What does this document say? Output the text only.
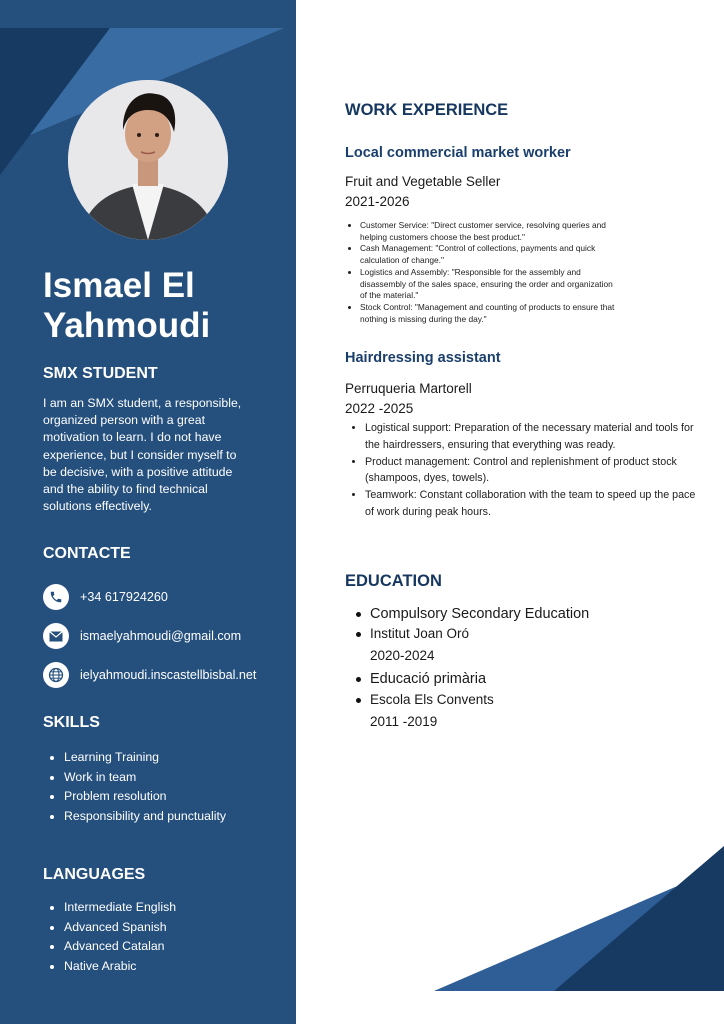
Ismael El
Yahmoudi
SMX STUDENT

I am an SMX student, a responsible, organized person with a great motivation to learn. I do not have experience, but I consider myself to be decisive, with a positive attitude and the ability to find technical solutions effectively.

CONTACTE
+34 617924260
ismaelyahmoudi@gmail.com
ielyahmoudi.inscastellbisbal.net
SKILLS
• Learning Training
• Work in team
• Problem resolution
• Responsibility and punctuality
LANGUAGES
• Intermediate English
• Advanced Spanish
• Advanced Catalan
• Native Arabic
WORK EXPERIENCE
Local commercial market worker

Fruit and Vegetable Seller

2021-2026

• Customer Service: "Direct customer service, resolving queries and helping customers choose the best product."
• Cash Management: "Control of collections, payments and quick calculation of change."
• Logistics and Assembly: "Responsible for the assembly and disassembly of the sales space, ensuring the order and organization of the material."
• Stock Control: "Management and counting of products to ensure that nothing is missing during the day."
Hairdressing assistant

Perruqueria Martorell

2022 -2025

• Logistical support: Preparation of the necessary material and tools for the hairdressers, ensuring that everything was ready.
• Product management: Control and replenishment of product stock (shampoos, dyes, towels).
• Teamwork: Constant collaboration with the team to speed up the pace of work during peak hours.
EDUCATION
Compulsory Secondary Education
Institut Joan Oró
2020-2024
Educació primària
Escola Els Convents
2011 -2019
